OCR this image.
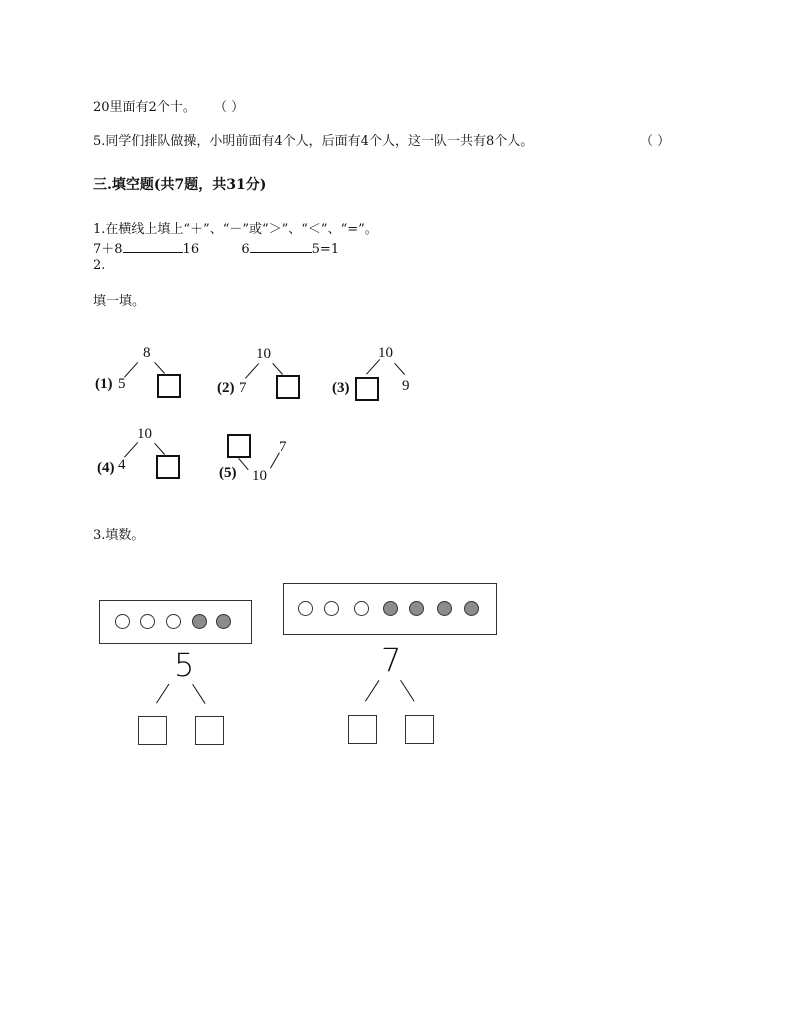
20里面有2个十。 （ ）
5.同学们排队做操，小明前面有4个人，后面有4个人，这一队一共有8个人。	（ ）
三.填空题(共7题，共31分)
1.在横线上填上“＋”、“－”或“＞”、“＜”、“=”。
7＋8	16	6	5=1
2.
填一填。
(1)
8
5	(2)
10
7	(3)
10
9
(4)
10
4
7
(5) 10
3.填数。
5	7
